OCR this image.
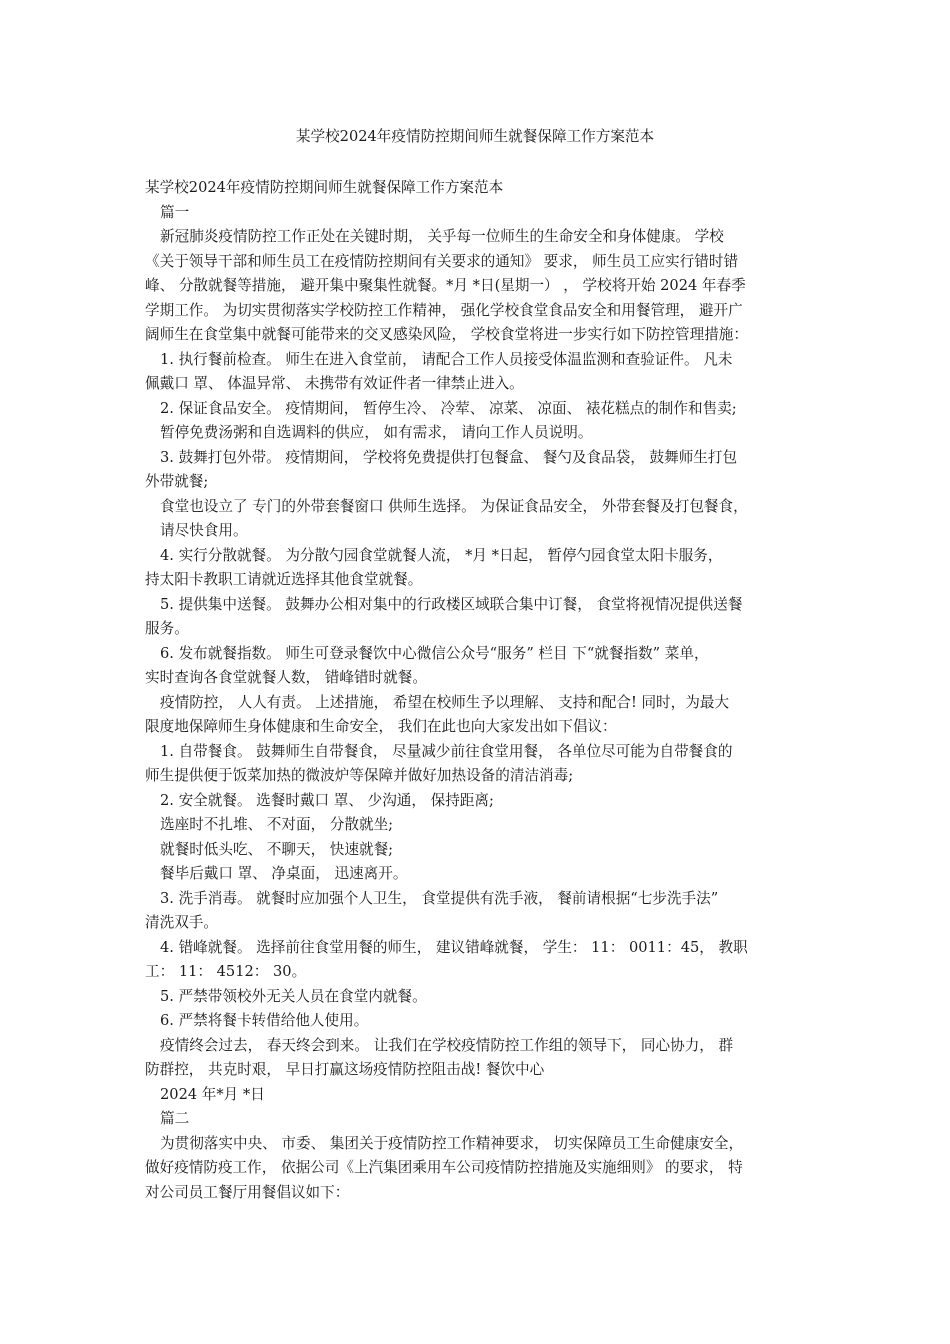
某学校2024年疫情防控期间师生就餐保障工作方案范本
某学校2024年疫情防控期间师生就餐保障工作方案范本
篇一
新冠肺炎疫情防控工作正处在关键时期， 关乎每一位师生的生命安全和身体健康。 学校
《关于领导干部和师生员工在疫情防控期间有关要求的通知》 要求， 师生员工应实行错时错
峰、 分散就餐等措施， 避开集中聚集性就餐。*月 *日(星期一） ， 学校将开始 2024 年春季
学期工作。 为切实贯彻落实学校防控工作精神， 强化学校食堂食品安全和用餐管理， 避开广
阔师生在食堂集中就餐可能带来的交叉感染风险， 学校食堂将进一步实行如下防控管理措施：
1. 执行餐前检查。 师生在进入食堂前， 请配合工作人员接受体温监测和查验证件。 凡未
佩戴口 罩、 体温异常、 未携带有效证件者一律禁止进入。
2. 保证食品安全。 疫情期间， 暂停生冷、 冷荤、 凉菜、 凉面、 裱花糕点的制作和售卖;
暂停免费汤粥和自选调料的供应， 如有需求， 请向工作人员说明。
3. 鼓舞打包外带。 疫情期间， 学校将免费提供打包餐盒、 餐勺及食品袋， 鼓舞师生打包
外带就餐;
食堂也设立了 专门的外带套餐窗口 供师生选择。 为保证食品安全， 外带套餐及打包餐食，
请尽快食用。
4. 实行分散就餐。 为分散勺园食堂就餐人流， *月 *日起， 暂停勺园食堂太阳卡服务，
持太阳卡教职工请就近选择其他食堂就餐。
5. 提供集中送餐。 鼓舞办公相对集中的行政楼区域联合集中订餐， 食堂将视情况提供送餐
服务。
6. 发布就餐指数。 师生可登录餐饮中心微信公众号“服务” 栏目 下“就餐指数” 菜单，
实时查询各食堂就餐人数， 错峰错时就餐。
疫情防控， 人人有责。 上述措施， 希望在校师生予以理解、 支持和配合! 同时，为最大
限度地保障师生身体健康和生命安全， 我们在此也向大家发出如下倡议：
1. 自带餐食。 鼓舞师生自带餐食， 尽量减少前往食堂用餐， 各单位尽可能为自带餐食的
师生提供便于饭菜加热的微波炉等保障并做好加热设备的清洁消毒;
2. 安全就餐。 选餐时戴口 罩、 少沟通， 保持距离;
选座时不扎堆、 不对面， 分散就坐;
就餐时低头吃、 不聊天， 快速就餐;
餐毕后戴口 罩、 净桌面， 迅速离开。
3. 洗手消毒。 就餐时应加强个人卫生， 食堂提供有洗手液， 餐前请根据“七步洗手法”
清洗双手。
4. 错峰就餐。 选择前往食堂用餐的师生， 建议错峰就餐， 学生： 11： 0011：45， 教职
工： 11： 4512： 30。
5. 严禁带领校外无关人员在食堂内就餐。
6. 严禁将餐卡转借给他人使用。
疫情终会过去， 春天终会到来。 让我们在学校疫情防控工作组的领导下， 同心协力， 群
防群控， 共克时艰， 早日打赢这场疫情防控阻击战! 餐饮中心
2024 年*月 *日
篇二
为贯彻落实中央、 市委、 集团关于疫情防控工作精神要求， 切实保障员工生命健康安全，
做好疫情防疫工作， 依据公司《上汽集团乘用车公司疫情防控措施及实施细则》 的要求， 特
对公司员工餐厅用餐倡议如下：
